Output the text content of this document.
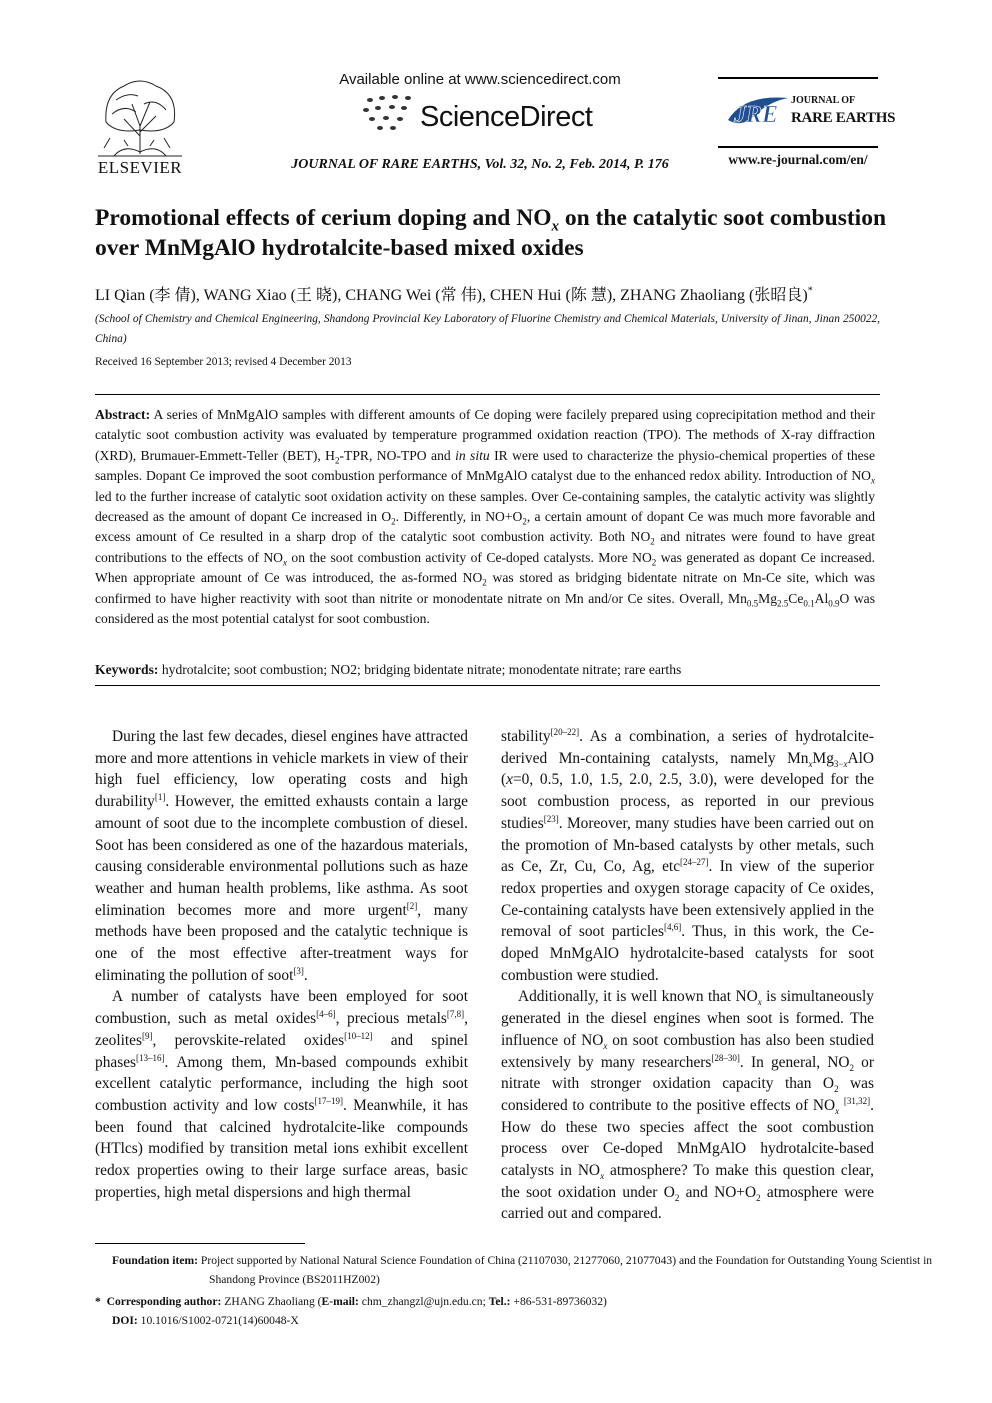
ELSEVIER
Available online at www.sciencedirect.com
ScienceDirect
JOURNAL OF RARE EARTHS, Vol. 32, No. 2, Feb. 2014, P. 176
JRE
JOURNAL OF
RARE EARTHS
www.re-journal.com/en/
Promotional effects of cerium doping and $NO_x$ on the catalytic soot combustion over MnMgAlO hydrotalcite-based mixed oxides
LI Qian (李 倩), WANG Xiao (王 晓), CHANG Wei (常 伟), CHEN Hui (陈 慧), ZHANG Zhaoliang (张昭良)*
(School of Chemistry and Chemical Engineering, Shandong Provincial Key Laboratory of Fluorine Chemistry and Chemical Materials, University of Jinan, Jinan 250022, China)
Received 16 September 2013; revised 4 December 2013
Abstract: A series of MnMgAlO samples with different amounts of Ce doping were facilely prepared using coprecipitation method and their catalytic soot combustion activity was evaluated by temperature programmed oxidation reaction (TPO). The methods of X-ray diffraction (XRD), Brumauer-Emmett-Teller (BET), $H_2$-TPR, NO-TPO and in situ IR were used to characterize the physio-chemical properties of these samples. Dopant Ce improved the soot combustion performance of MnMgAlO catalyst due to the enhanced redox ability. Introduction of $NO_x$ led to the further increase of catalytic soot oxidation activity on these samples. Over Ce-containing samples, the catalytic activity was slightly decreased as the amount of dopant Ce increased in $O_2$. Differently, in $NO+O_2$, a certain amount of dopant Ce was much more favorable and excess amount of Ce resulted in a sharp drop of the catalytic soot combustion activity. Both $NO_2$ and nitrates were found to have great contributions to the effects of $NO_x$ on the soot combustion activity of Ce-doped catalysts. More $NO_2$ was generated as dopant Ce increased. When appropriate amount of Ce was introduced, the as-formed $NO_2$ was stored as bridging bidentate nitrate on Mn-Ce site, which was confirmed to have higher reactivity with soot than nitrite or monodentate nitrate on Mn and/or Ce sites. Overall, $Mn_{0.5}Mg_{2.5}Ce_{0.1}Al_{0.9}O$ was considered as the most potential catalyst for soot combustion.
Keywords: hydrotalcite; soot combustion; NO2; bridging bidentate nitrate; monodentate nitrate; rare earths

During the last few decades, diesel engines have attracted more and more attentions in vehicle markets in view of their high fuel efficiency, low operating costs and high durability[1]. However, the emitted exhausts contain a large amount of soot due to the incomplete combustion of diesel. Soot has been considered as one of the hazardous materials, causing considerable environmental pollutions such as haze weather and human health problems, like asthma. As soot elimination becomes more and more urgent[2], many methods have been proposed and the catalytic technique is one of the most effective after-treatment ways for eliminating the pollution of soot[3].

A number of catalysts have been employed for soot combustion, such as metal oxides[4–6], precious metals[7,8], zeolites[9], perovskite-related oxides[10–12] and spinel phases[13–16]. Among them, Mn-based compounds exhibit excellent catalytic performance, including the high soot combustion activity and low costs[17–19]. Meanwhile, it has been found that calcined hydrotalcite-like compounds (HTlcs) modified by transition metal ions exhibit excellent redox properties owing to their large surface areas, basic properties, high metal dispersions and high thermal

stability[20–22]. As a combination, a series of hydrotalcite-derived Mn-containing catalysts, namely $Mn_xMg_{3-x}AlO$ (x=0, 0.5, 1.0, 1.5, 2.0, 2.5, 3.0), were developed for the soot combustion process, as reported in our previous studies[23]. Moreover, many studies have been carried out on the promotion of Mn-based catalysts by other metals, such as Ce, Zr, Cu, Co, Ag, etc[24–27]. In view of the superior redox properties and oxygen storage capacity of Ce oxides, Ce-containing catalysts have been extensively applied in the removal of soot particles[4,6]. Thus, in this work, the Ce-doped MnMgAlO hydrotalcite-based catalysts for soot combustion were studied.

Additionally, it is well known that $NO_x$ is simultaneously generated in the diesel engines when soot is formed. The influence of $NO_x$ on soot combustion has also been studied extensively by many researchers[28–30]. In general, $NO_2$ or nitrate with stronger oxidation capacity than $O_2$ was considered to contribute to the positive effects of $NO_x$ [31,32]. How do these two species affect the soot combustion process over Ce-doped MnMgAlO hydrotalcite-based catalysts in $NO_x$ atmosphere? To make this question clear, the soot oxidation under $O_2$ and $NO+O_2$ atmosphere were carried out and compared.

Foundation item: Project supported by National Natural Science Foundation of China (21107030, 21277060, 21077043) and the Foundation for Outstanding Young Scientist in Shandong Province (BS2011HZ002)
* Corresponding author: ZHANG Zhaoliang (E-mail: chm_zhangzl@ujn.edu.cn; Tel.: +86-531-89736032)
DOI: 10.1016/S1002-0721(14)60048-X
